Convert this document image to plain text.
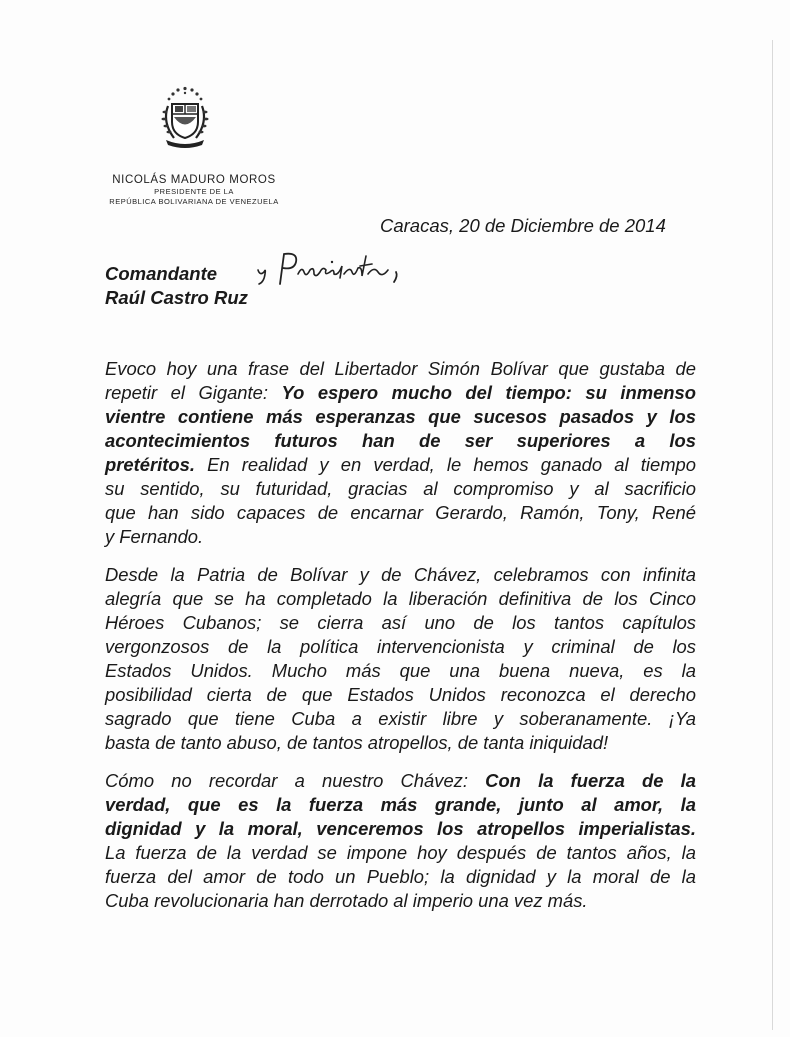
NICOLÁS MADURO MOROS
PRESIDENTE DE LA
REPÚBLICA BOLIVARIANA DE VENEZUELA
Caracas, 20 de Diciembre de 2014
Comandante
Raúl Castro Ruz
Evoco hoy una frase del Libertador Simón Bolívar que gustaba de
repetir el Gigante: Yo espero mucho del tiempo: su inmenso
vientre contiene más esperanzas que sucesos pasados y los
acontecimientos futuros han de ser superiores a los
pretéritos. En realidad y en verdad, le hemos ganado al tiempo
su sentido, su futuridad, gracias al compromiso y al sacrificio
que han sido capaces de encarnar Gerardo, Ramón, Tony, René
y Fernando.
Desde la Patria de Bolívar y de Chávez, celebramos con infinita
alegría que se ha completado la liberación definitiva de los Cinco
Héroes Cubanos; se cierra así uno de los tantos capítulos
vergonzosos de la política intervencionista y criminal de los
Estados Unidos. Mucho más que una buena nueva, es la
posibilidad cierta de que Estados Unidos reconozca el derecho
sagrado que tiene Cuba a existir libre y soberanamente. ¡Ya
basta de tanto abuso, de tantos atropellos, de tanta iniquidad!
Cómo no recordar a nuestro Chávez: Con la fuerza de la
verdad, que es la fuerza más grande, junto al amor, la
dignidad y la moral, venceremos los atropellos imperialistas.
La fuerza de la verdad se impone hoy después de tantos años, la
fuerza del amor de todo un Pueblo; la dignidad y la moral de la
Cuba revolucionaria han derrotado al imperio una vez más.
